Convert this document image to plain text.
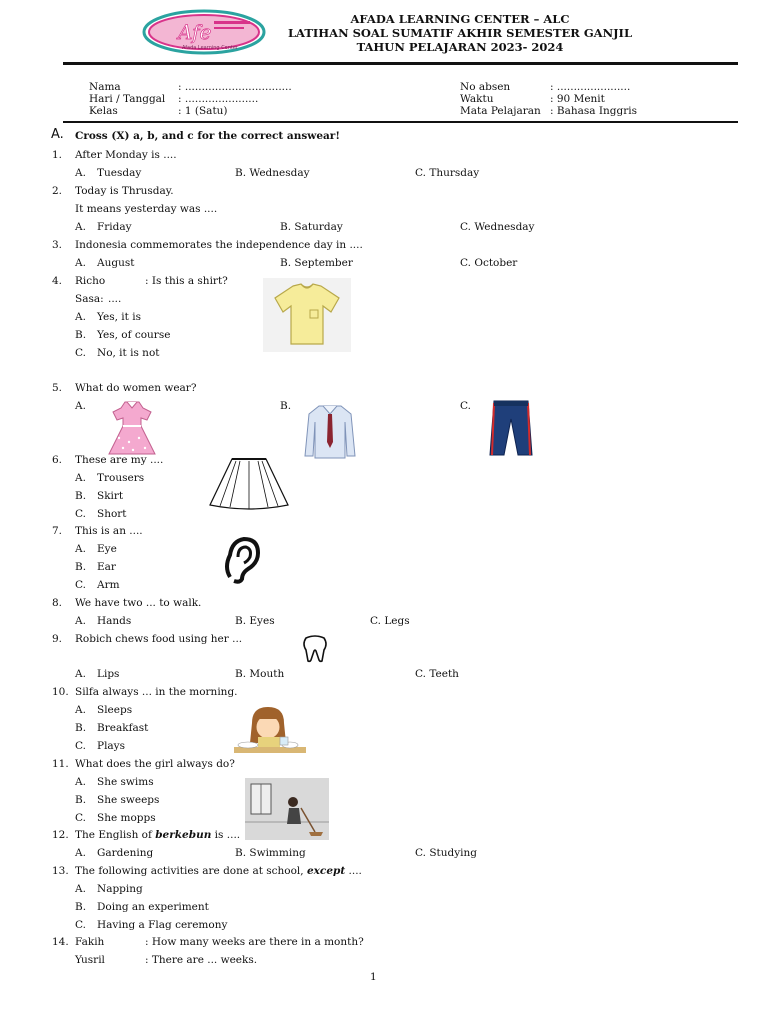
Afe
Afada Learning Center
AFADA LEARNING CENTER – ALC
LATIHAN SOAL SUMATIF AKHIR SEMESTER GANJIL
TAHUN PELAJARAN 2023- 2024
Nama	: ................................
Hari / Tanggal : ......................
Kelas	: 1 (Satu)
No absen	: ......................
Waktu	: 90 Menit
Mata Pelajaran : Bahasa Inggris
A. Cross (X) a, b, and c for the correct answear!
1. After Monday is ....
A. Tuesday	B. Wednesday	C. Thursday
2. Today is Thrusday.
It means yesterday was ....
A. Friday	B. Saturday	C. Wednesday
3. Indonesia commemorates the independence day in ....
A. August	B. September	C. October
4. Richo	: Is this a shirt?
Sasa: ....
A. Yes, it is
B. Yes, of course
C. No, it is not
5. What do women wear?
A.	B.	C.
6. These are my ....
A. Trousers
B. Skirt
C. Short
7. This is an ....
A. Eye
B. Ear
C. Arm
8. We have two ... to walk.
A. Hands	B. Eyes	C. Legs
9. Robich chews food using her ...
A. Lips	B. Mouth	C. Teeth
10. Silfa always ... in the morning.
A. Sleeps
B. Breakfast
C. Plays
11. What does the girl always do?
A. She swims
B. She sweeps
C. She mopps
12. The English of berkebun is ....
A. Gardening	B. Swimming	C. Studying
13. The following activities are done at school, except ....
A. Napping
B. Doing an experiment
C. Having a Flag ceremony
14. Fakih	: How many weeks are there in a month?
Yusril	: There are ... weeks.
1
